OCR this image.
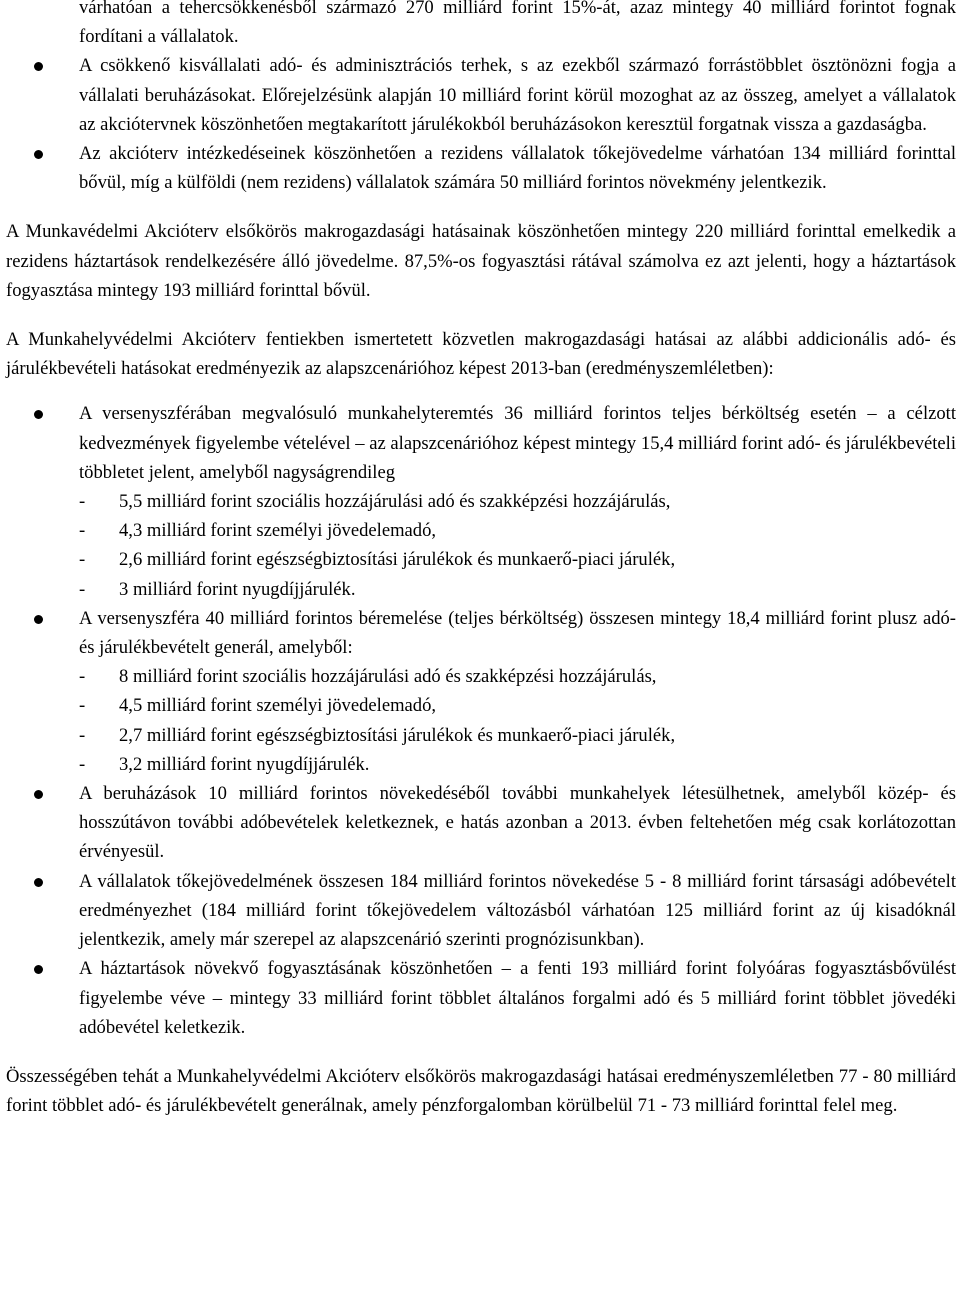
várhatóan a tehercsökkenésből származó 270 milliárd forint 15%-át, azaz mintegy 40 milliárd forintot fognak fordítani a vállalatok.
A csökkenő kisvállalati adó- és adminisztrációs terhek, s az ezekből származó forrástöbblet ösztönözni fogja a vállalati beruházásokat. Előrejelzésünk alapján 10 milliárd forint körül mozoghat az az összeg, amelyet a vállalatok az akciótervnek köszönhetően megtakarított járulékokból beruházásokon keresztül forgatnak vissza a gazdaságba.
Az akcióterv intézkedéseinek köszönhetően a rezidens vállalatok tőkejövedelme várhatóan 134 milliárd forinttal bővül, míg a külföldi (nem rezidens) vállalatok számára 50 milliárd forintos növekmény jelentkezik.

A Munkavédelmi Akcióterv elsőkörös makrogazdasági hatásainak köszönhetően mintegy 220 milliárd forinttal emelkedik a rezidens háztartások rendelkezésére álló jövedelme. 87,5%-os fogyasztási rátával számolva ez azt jelenti, hogy a háztartások fogyasztása mintegy 193 milliárd forinttal bővül.

A Munkahelyvédelmi Akcióterv fentiekben ismertetett közvetlen makrogazdasági hatásai az alábbi addicionális adó- és járulékbevételi hatásokat eredményezik az alapszcenárióhoz képest 2013-ban (eredményszemléletben):

A versenyszférában megvalósuló munkahelyteremtés 36 milliárd forintos teljes bérköltség esetén – a célzott kedvezmények figyelembe vételével – az alapszcenárióhoz képest mintegy 15,4 milliárd forint adó- és járulékbevételi többletet jelent, amelyből nagyságrendileg
- 5,5 milliárd forint szociális hozzájárulási adó és szakképzési hozzájárulás,
- 4,3 milliárd forint személyi jövedelemadó,
- 2,6 milliárd forint egészségbiztosítási járulékok és munkaerő-piaci járulék,
- 3 milliárd forint nyugdíjjárulék.
A versenyszféra 40 milliárd forintos béremelése (teljes bérköltség) összesen mintegy 18,4 milliárd forint plusz adó- és járulékbevételt generál, amelyből:
- 8 milliárd forint szociális hozzájárulási adó és szakképzési hozzájárulás,
- 4,5 milliárd forint személyi jövedelemadó,
- 2,7 milliárd forint egészségbiztosítási járulékok és munkaerő-piaci járulék,
- 3,2 milliárd forint nyugdíjjárulék.
A beruházások 10 milliárd forintos növekedéséből további munkahelyek létesülhetnek, amelyből közép- és hosszútávon további adóbevételek keletkeznek, e hatás azonban a 2013. évben feltehetően még csak korlátozottan érvényesül.
A vállalatok tőkejövedelmének összesen 184 milliárd forintos növekedése 5 - 8 milliárd forint társasági adóbevételt eredményezhet (184 milliárd forint tőkejövedelem változásból várhatóan 125 milliárd forint az új kisadóknál jelentkezik, amely már szerepel az alapszcenárió szerinti prognózisunkban).
A háztartások növekvő fogyasztásának köszönhetően – a fenti 193 milliárd forint folyóáras fogyasztásbővülést figyelembe véve – mintegy 33 milliárd forint többlet általános forgalmi adó és 5 milliárd forint többlet jövedéki adóbevétel keletkezik.

Összességében tehát a Munkahelyvédelmi Akcióterv elsőkörös makrogazdasági hatásai eredményszemléletben 77 - 80 milliárd forint többlet adó- és járulékbevételt generálnak, amely pénzforgalomban körülbelül 71 - 73 milliárd forinttal felel meg.
